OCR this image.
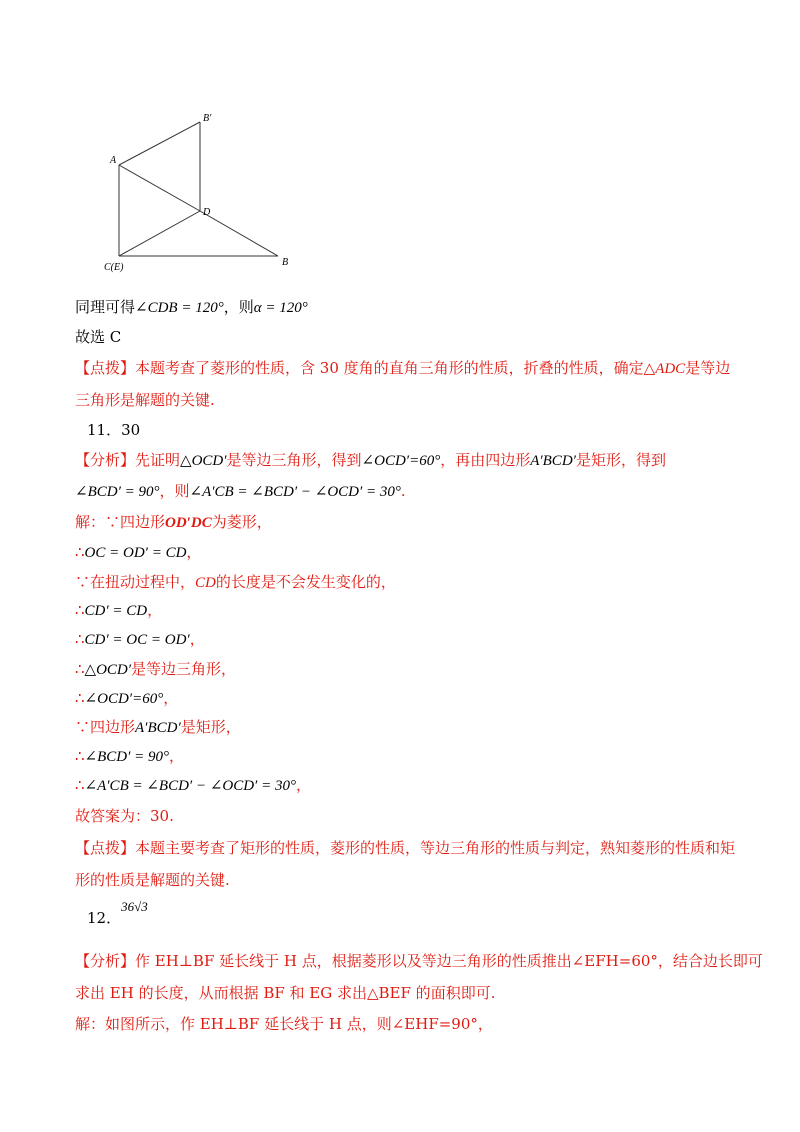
B′
A
D
C(E)	B
同理可得∠CDB = 120°，则α = 120°
故选 C
【点拨】本题考查了菱形的性质，含 30 度角的直角三角形的性质，折叠的性质，确定△ADC是等边
三角形是解题的关键.
11．30
【分析】先证明△OCD′是等边三角形，得到∠OCD′=60°，再由四边形A′BCD′是矩形，得到
∠BCD′ = 90°，则∠A′CB = ∠BCD′ − ∠OCD′ = 30°.
解：∵四边形OD′DC为菱形，
∴OC = OD′ = CD，
∵在扭动过程中，CD的长度是不会发生变化的，
∴CD′ = CD，
∴CD′ = OC = OD′，
∴△OCD′是等边三角形，
∴∠OCD′=60°，
∵四边形A′BCD′是矩形，
∴∠BCD′ = 90°，
∴∠A′CB = ∠BCD′ − ∠OCD′ = 30°，
故答案为：30.
【点拨】本题主要考查了矩形的性质，菱形的性质，等边三角形的性质与判定，熟知菱形的性质和矩
形的性质是解题的关键.
12．36√3
【分析】作 EH⊥BF 延长线于 H 点，根据菱形以及等边三角形的性质推出∠EFH=60°，结合边长即可
求出 EH 的长度，从而根据 BF 和 EG 求出△BEF 的面积即可.
解：如图所示，作 EH⊥BF 延长线于 H 点，则∠EHF=90°，
